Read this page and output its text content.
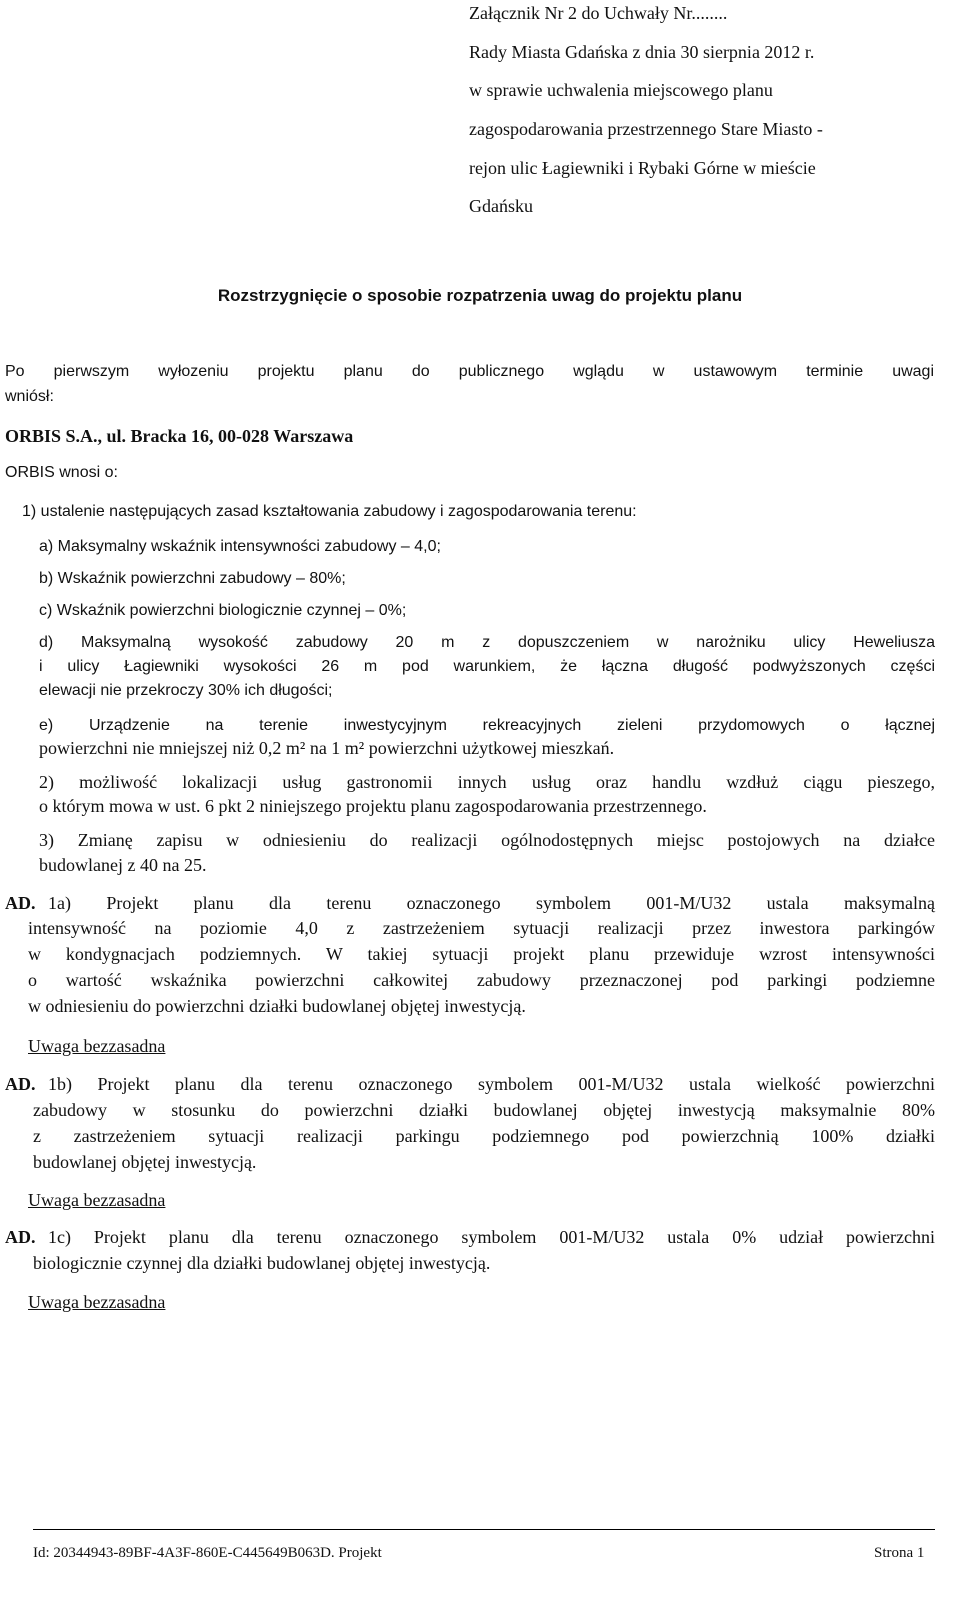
Załącznik Nr 2 do Uchwały Nr........
Rady Miasta Gdańska z dnia 30 sierpnia 2012 r.
w sprawie uchwalenia miejscowego planu
zagospodarowania przestrzennego Stare Miasto -
rejon ulic Łagiewniki i Rybaki Górne w mieście
Gdańsku
Rozstrzygnięcie o sposobie rozpatrzenia uwag do projektu planu
Po pierwszym wyłozeniu projektu planu do publicznego wglądu w ustawowym terminie uwagi
wniósł:
ORBIS S.A., ul. Bracka 16, 00-028 Warszawa
ORBIS wnosi o:
1) ustalenie następujących zasad kształtowania zabudowy i zagospodarowania terenu:
a) Maksymalny wskaźnik intensywności zabudowy – 4,0;
b) Wskaźnik powierzchni zabudowy – 80%;
c) Wskaźnik powierzchni biologicznie czynnej – 0%;
d) Maksymalną wysokość zabudowy 20 m z dopuszczeniem w narożniku ulicy Heweliusza
i ulicy Łagiewniki wysokości 26 m pod warunkiem, że łączna długość podwyższonych części
elewacji nie przekroczy 30% ich długości;
e) Urządzenie na terenie inwestycyjnym rekreacyjnych zieleni przydomowych o łącznej
powierzchni nie mniejszej niż 0,2 m² na 1 m² powierzchni użytkowej mieszkań.
2) możliwość lokalizacji usług gastronomii innych usług oraz handlu wzdłuż ciągu pieszego,
o którym mowa w ust. 6 pkt 2 niniejszego projektu planu zagospodarowania przestrzennego.
3) Zmianę zapisu w odniesieniu do realizacji ogólnodostępnych miejsc postojowych na działce
budowlanej z 40 na 25.
AD. 1a) Projekt planu dla terenu oznaczonego symbolem 001-M/U32 ustala maksymalną
intensywność na poziomie 4,0 z zastrzeżeniem sytuacji realizacji przez inwestora parkingów
w kondygnacjach podziemnych. W takiej sytuacji projekt planu przewiduje wzrost intensywności
o wartość wskaźnika powierzchni całkowitej zabudowy przeznaczonej pod parkingi podziemne
w odniesieniu do powierzchni działki budowlanej objętej inwestycją.
Uwaga bezzasadna
AD. 1b) Projekt planu dla terenu oznaczonego symbolem 001-M/U32 ustala wielkość powierzchni
zabudowy w stosunku do powierzchni działki budowlanej objętej inwestycją maksymalnie 80%
z zastrzeżeniem sytuacji realizacji parkingu podziemnego pod powierzchnią 100% działki
budowlanej objętej inwestycją.
Uwaga bezzasadna
AD. 1c) Projekt planu dla terenu oznaczonego symbolem 001-M/U32 ustala 0% udział powierzchni
biologicznie czynnej dla działki budowlanej objętej inwestycją.
Uwaga bezzasadna
Id: 20344943-89BF-4A3F-860E-C445649B063D. Projekt	Strona 1
